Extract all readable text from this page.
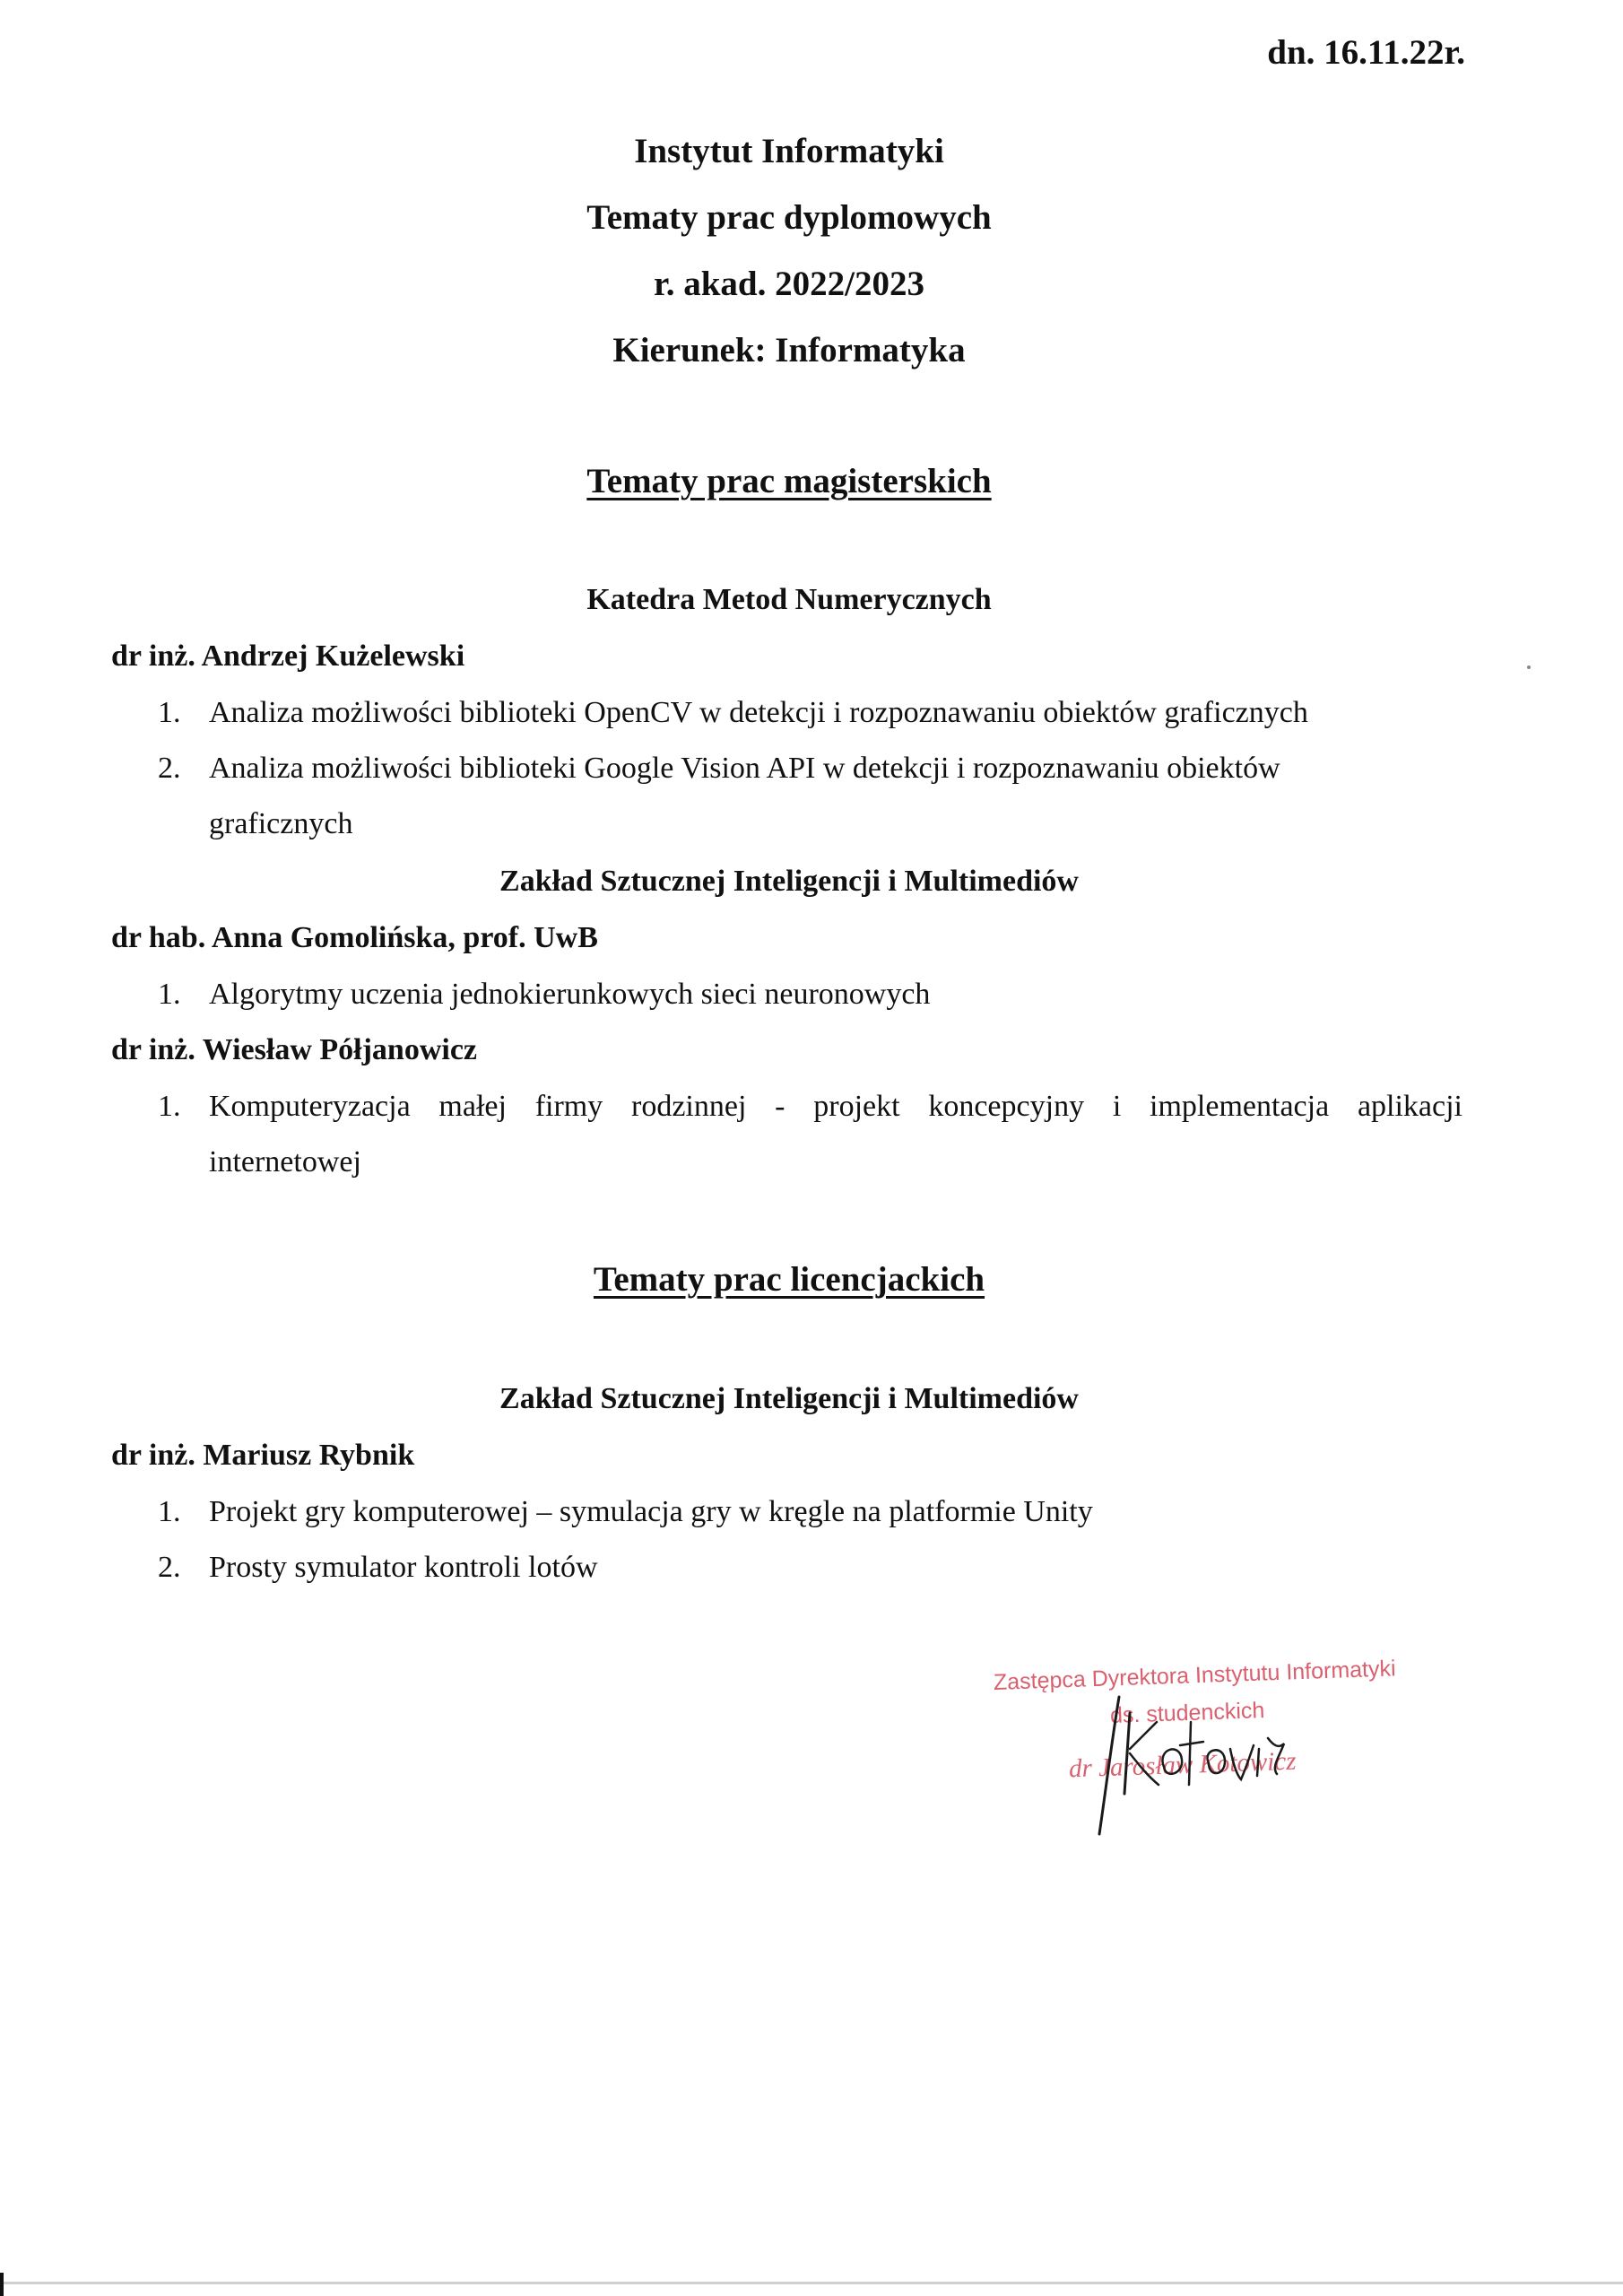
dn. 16.11.22r.
Instytut Informatyki
Tematy prac dyplomowych
r. akad. 2022/2023
Kierunek: Informatyka
Tematy prac magisterskich
Katedra Metod Numerycznych
dr inż. Andrzej Kużelewski
1. Analiza możliwości biblioteki OpenCV w detekcji i rozpoznawaniu obiektów graficznych
2. Analiza możliwości biblioteki Google Vision API w detekcji i rozpoznawaniu obiektów
graficznych
Zakład Sztucznej Inteligencji i Multimediów
dr hab. Anna Gomolińska, prof. UwB
1. Algorytmy uczenia jednokierunkowych sieci neuronowych
dr inż. Wiesław Półjanowicz
1. Komputeryzacja małej firmy rodzinnej - projekt koncepcyjny i implementacja aplikacji
internetowej
Tematy prac licencjackich
Zakład Sztucznej Inteligencji i Multimediów
dr inż. Mariusz Rybnik
1. Projekt gry komputerowej – symulacja gry w kręgle na platformie Unity
2. Prosty symulator kontroli lotów
Zastępca Dyrektora Instytutu Informatyki
ds. studenckich
dr Jarosław Kotowicz
